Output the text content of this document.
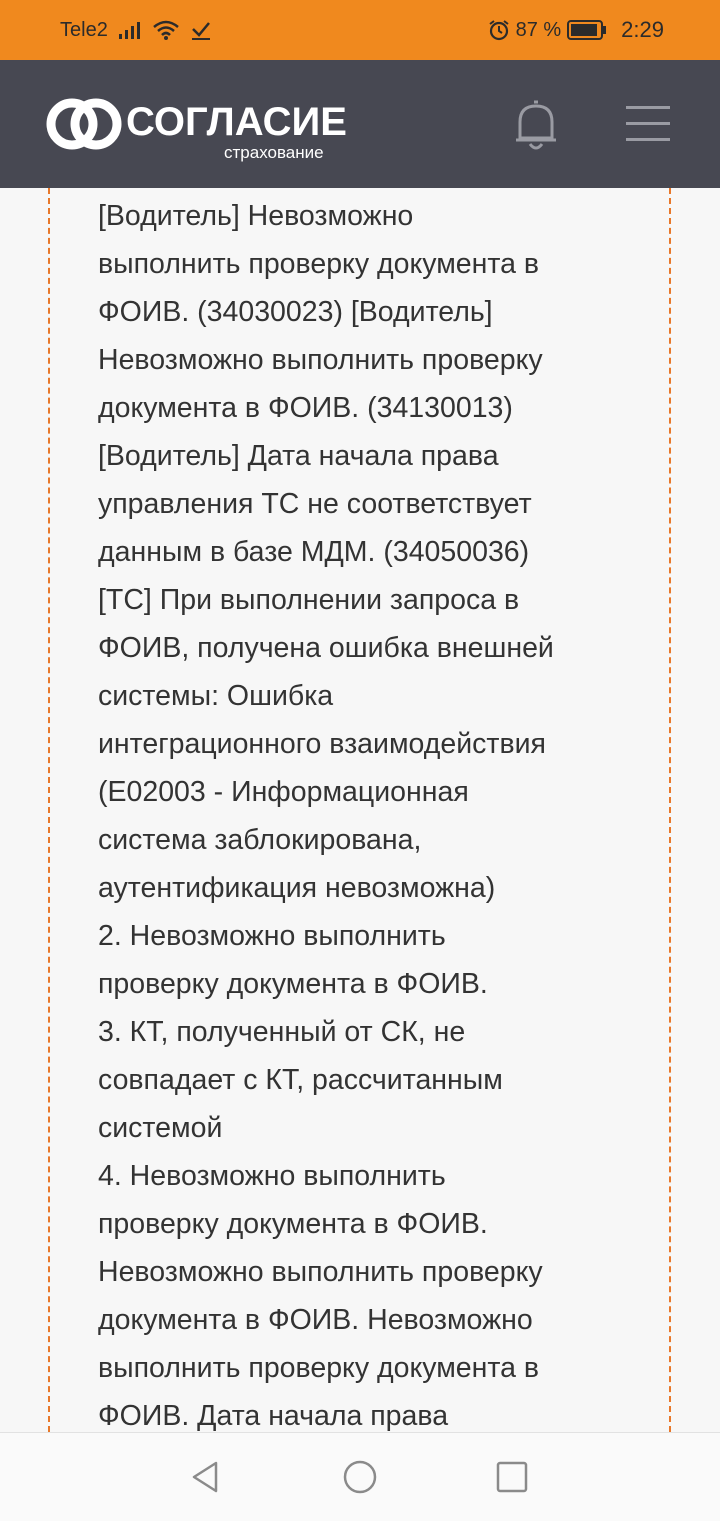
Tele2	87 %	2:29
СОГЛАСИЕ
страхование
[Водитель] Невозможно
выполнить проверку документа в
ФОИВ. (34030023) [Водитель]
Невозможно выполнить проверку
документа в ФОИВ. (34130013)
[Водитель] Дата начала права
управления ТС не соответствует
данным в базе МДМ. (34050036)
[ТС] При выполнении запроса в
ФОИВ, получена ошибка внешней
системы: Ошибка
интеграционного взаимодействия
(E02003 - Информационная
система заблокирована,
аутентификация невозможна)
2. Невозможно выполнить
проверку документа в ФОИВ.
3. КТ, полученный от СК, не
совпадает с КТ, рассчитанным
системой
4. Невозможно выполнить
проверку документа в ФОИВ.
Невозможно выполнить проверку
документа в ФОИВ. Невозможно
выполнить проверку документа в
ФОИВ. Дата начала права
